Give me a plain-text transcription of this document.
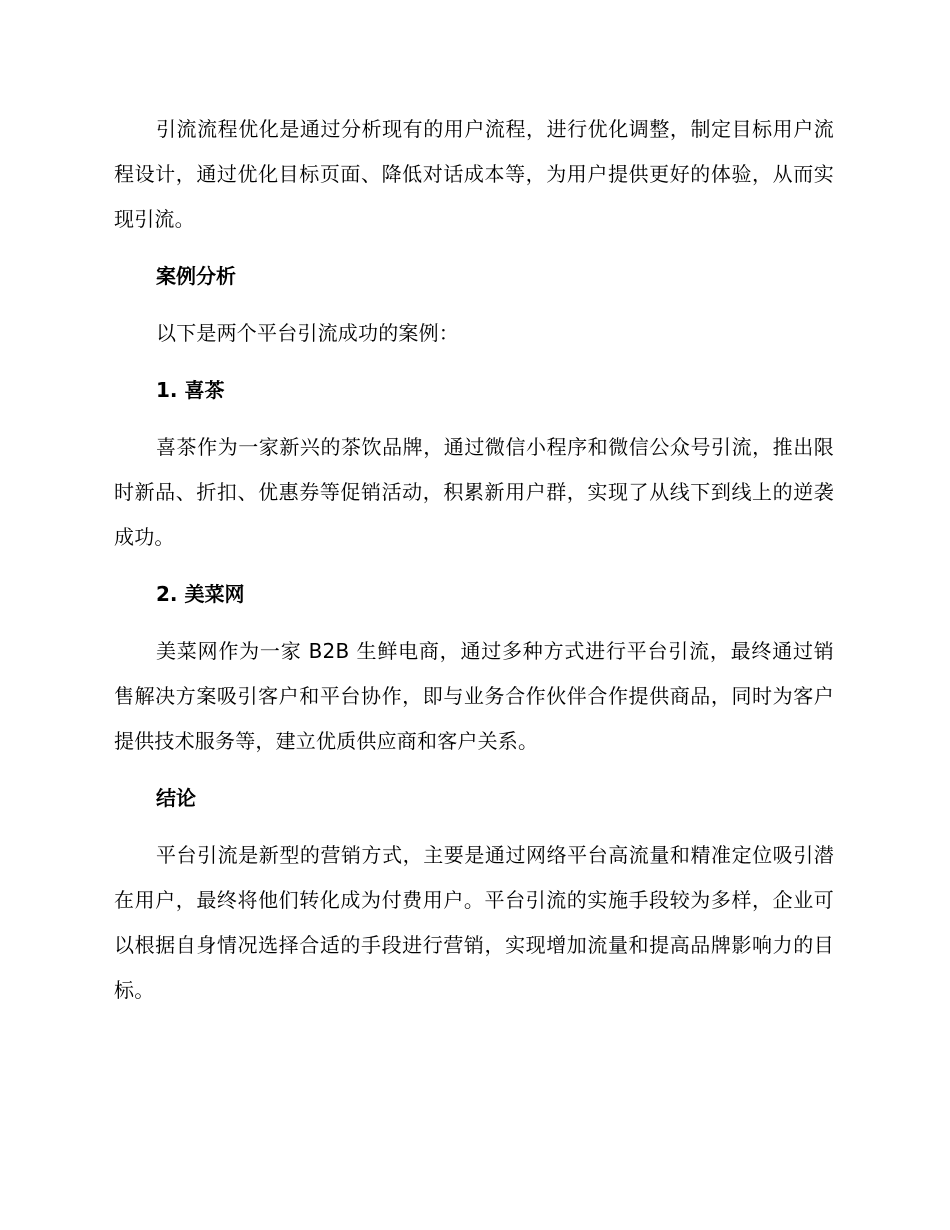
引流流程优化是通过分析现有的用户流程，进行优化调整，制定目标用户流程设计，通过优化目标页面、降低对话成本等，为用户提供更好的体验，从而实现引流。

案例分析

以下是两个平台引流成功的案例：

1. 喜茶

喜茶作为一家新兴的茶饮品牌，通过微信小程序和微信公众号引流，推出限时新品、折扣、优惠券等促销活动，积累新用户群，实现了从线下到线上的逆袭成功。

2. 美菜网

美菜网作为一家 B2B 生鲜电商，通过多种方式进行平台引流，最终通过销售解决方案吸引客户和平台协作，即与业务合作伙伴合作提供商品，同时为客户提供技术服务等，建立优质供应商和客户关系。

结论

平台引流是新型的营销方式，主要是通过网络平台高流量和精准定位吸引潜在用户，最终将他们转化成为付费用户。平台引流的实施手段较为多样，企业可以根据自身情况选择合适的手段进行营销，实现增加流量和提高品牌影响力的目标。
